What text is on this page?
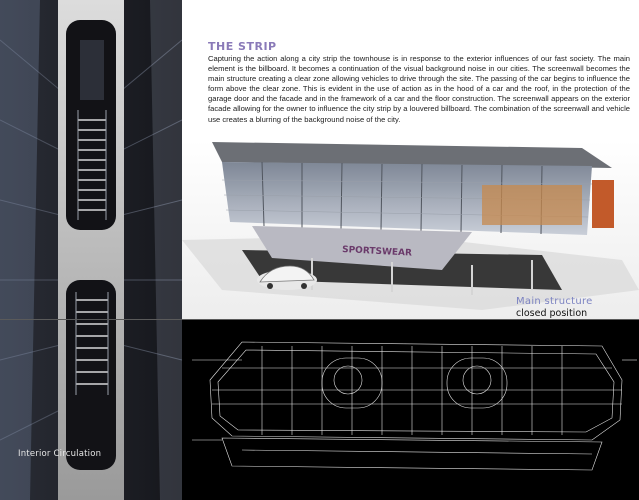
Interior Circulation
THE STRIP
Capturing the action along a city strip the townhouse is in response to the exterior influences of our fast society. The main element is the billboard. It becomes a continuation of the visual background noise in our cities. The screenwall becomes the main structure creating a clear zone allowing vehicles to drive through the site. The passing of the car begins to influence the form above the clear zone. This is evident in the use of action as in the hood of a car and the roof, in the protection of the garage door and the facade and in the framework of a car and the floor construction. The screenwall appears on the exterior facade allowing for the owner to influence the city strip by a louvered billboard. The combination of the screenwall and vehicle use creates a blurring of the background noise of the city.
SPORTSWEAR
Main structure
closed position
